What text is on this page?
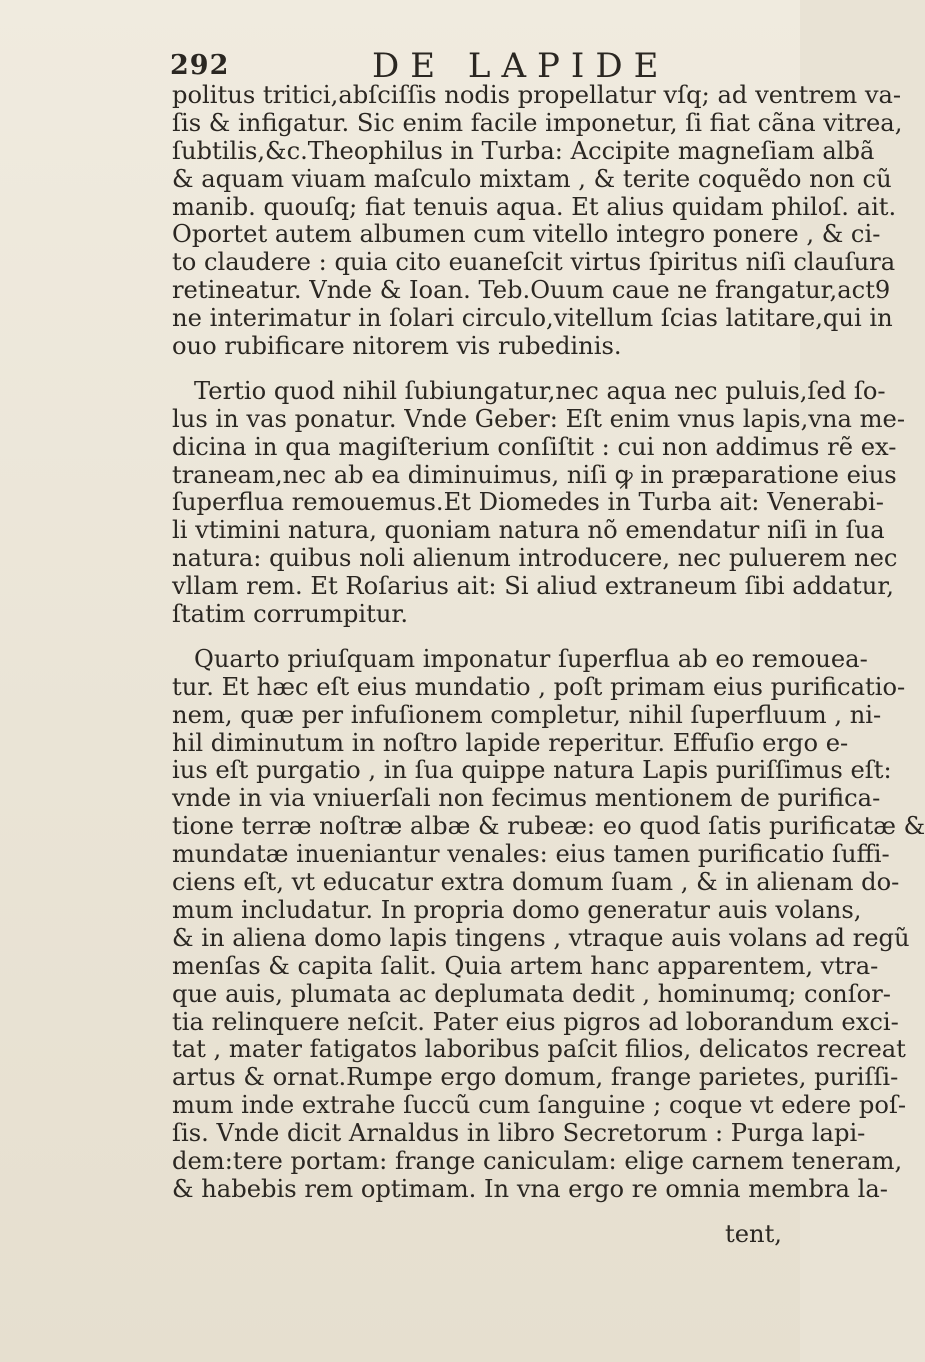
292	DE LAPIDE
politus tritici,abſciſſis nodis propellatur vſq; ad ventrem va-
ſis & infigatur. Sic enim facile imponetur, ſi fiat cãna vitrea,
ſubtilis,&c.Theophilus in Turba: Accipite magneſiam albã
& aquam viuam maſculo mixtam , & terite coquẽdo non cũ
manib. quouſq; fiat tenuis aqua. Et alius quidam philoſ. ait.
Oportet autem albumen cum vitello integro ponere , & ci-
to claudere : quia cito euaneſcit virtus ſpiritus niſi clauſura
retineatur. Vnde & Ioan. Teb.Ouum caue ne frangatur,act9
ne interimatur in ſolari circulo,vitellum ſcias latitare,qui in
ouo rubificare nitorem vis rubedinis.
Tertio quod nihil ſubiungatur,nec aqua nec puluis,ſed ſo-
lus in vas ponatur. Vnde Geber: Eſt enim vnus lapis,vna me-
dicina in qua magiſterium conſiſtit : cui non addimus rẽ ex-
traneam,nec ab ea diminuimus, niſi ꝙ in præparatione eius
ſuperflua remouemus.Et Diomedes in Turba ait: Venerabi-
li vtimini natura, quoniam natura nõ emendatur niſi in ſua
natura: quibus noli alienum introducere, nec puluerem nec
vllam rem. Et Roſarius ait: Si aliud extraneum ſibi addatur,
ſtatim corrumpitur.
Quarto priuſquam imponatur ſuperflua ab eo remouea-
tur. Et hæc eſt eius mundatio , poſt primam eius purificatio-
nem, quæ per infuſionem completur, nihil ſuperfluum , ni-
hil diminutum in noſtro lapide reperitur. Effuſio ergo e-
ius eſt purgatio , in ſua quippe natura Lapis puriſſimus eſt:
vnde in via vniuerſali non fecimus mentionem de purifica-
tione terræ noſtræ albæ & rubeæ: eo quod ſatis purificatæ &
mundatæ inueniantur venales: eius tamen purificatio ſuffi-
ciens eſt, vt educatur extra domum ſuam , & in alienam do-
mum includatur. In propria domo generatur auis volans,
& in aliena domo lapis tingens , vtraque auis volans ad regũ
menſas & capita ſalit. Quia artem hanc apparentem, vtra-
que auis, plumata ac deplumata dedit , hominumq; conſor-
tia relinquere neſcit. Pater eius pigros ad loborandum exci-
tat , mater fatigatos laboribus paſcit filios, delicatos recreat
artus & ornat.Rumpe ergo domum, frange parietes, puriſſi-
mum inde extrahe ſuccũ cum ſanguine ; coque vt edere poſ-
ſis. Vnde dicit Arnaldus in libro Secretorum : Purga lapi-
dem:tere portam: frange caniculam: elige carnem teneram,
& habebis rem optimam. In vna ergo re omnia membra la-
tent,
